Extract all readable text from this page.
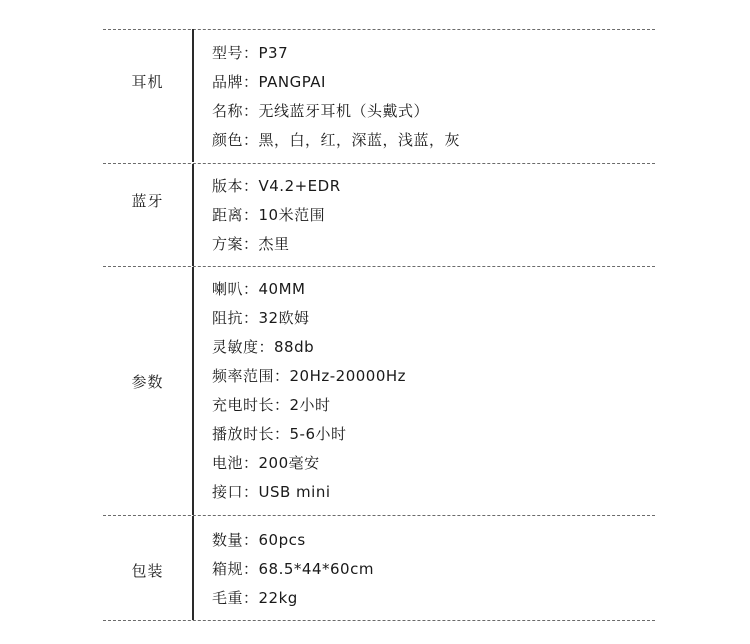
耳机
型号：P37
品牌：PANGPAI
名称：无线蓝牙耳机（头戴式）
颜色：黑，白，红，深蓝，浅蓝，灰
蓝牙
版本：V4.2+EDR
距离：10米范围
方案：杰里
参数
喇叭：40MM
阻抗：32欧姆
灵敏度：88db
频率范围：20Hz-20000Hz
充电时长：2小时
播放时长：5-6小时
电池：200毫安
接口：USB mini
包装
数量：60pcs
箱规：68.5*44*60cm
毛重：22kg
